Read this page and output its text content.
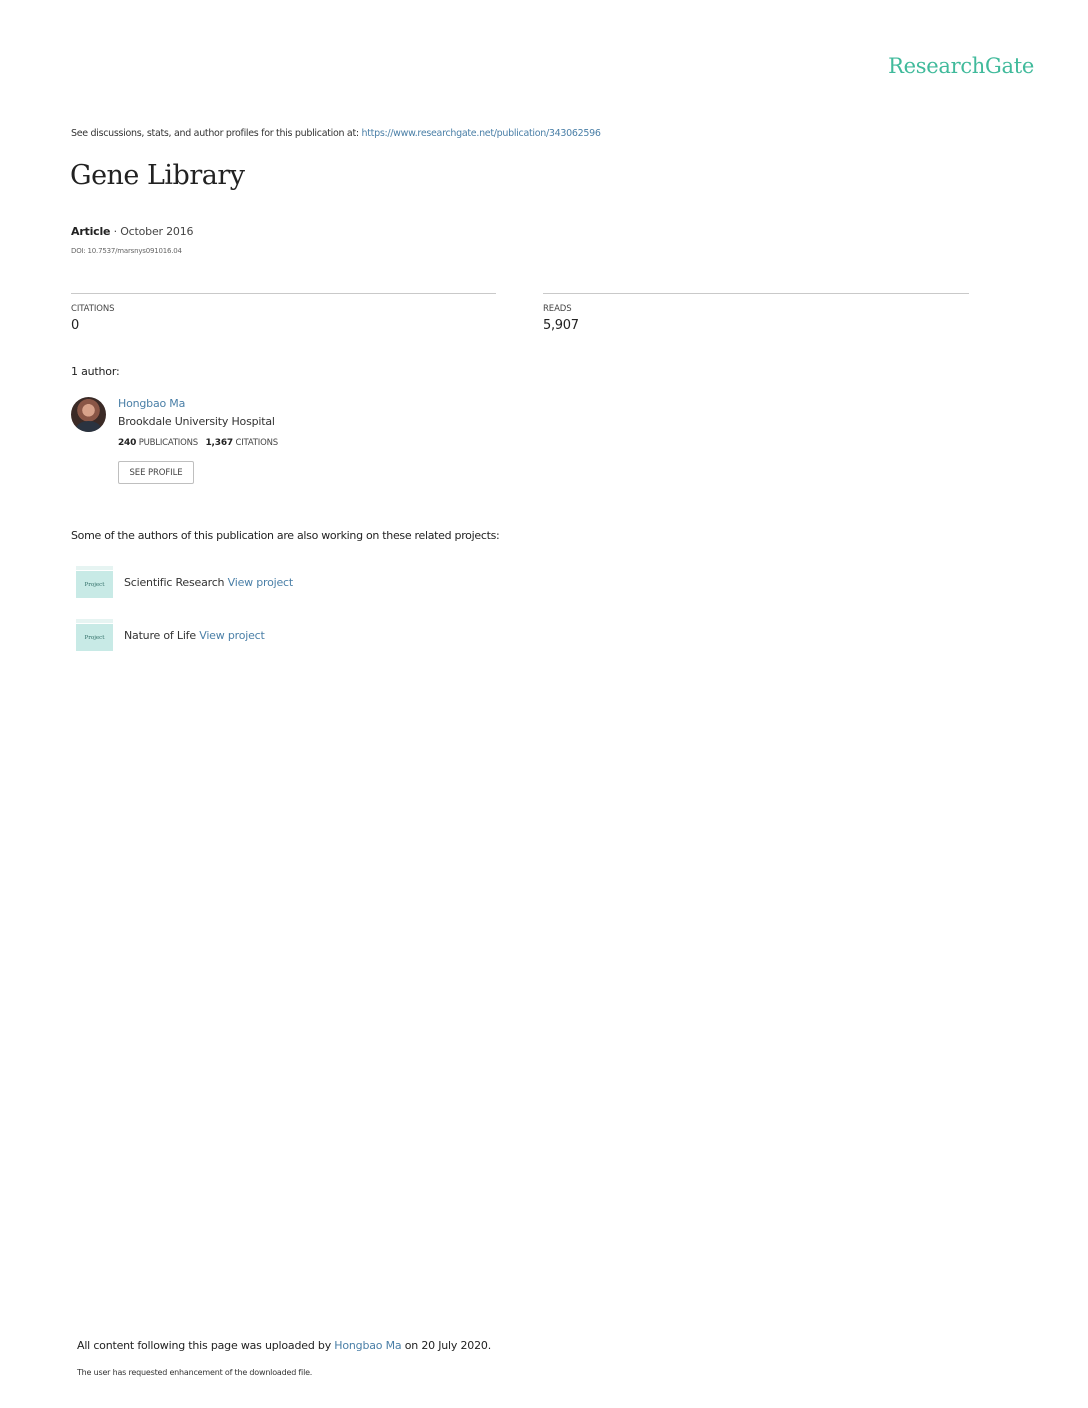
ResearchGate
See discussions, stats, and author profiles for this publication at: https://www.researchgate.net/publication/343062596
Gene Library
Article · October 2016
DOI: 10.7537/marsnys091016.04
CITATIONS
0
READS
5,907
1 author:
Hongbao Ma
Brookdale University Hospital
240 PUBLICATIONS 1,367 CITATIONS
SEE PROFILE
Some of the authors of this publication are also working on these related projects:
Project Scientific Research View project
Project Nature of Life View project
All content following this page was uploaded by Hongbao Ma on 20 July 2020.
The user has requested enhancement of the downloaded file.
